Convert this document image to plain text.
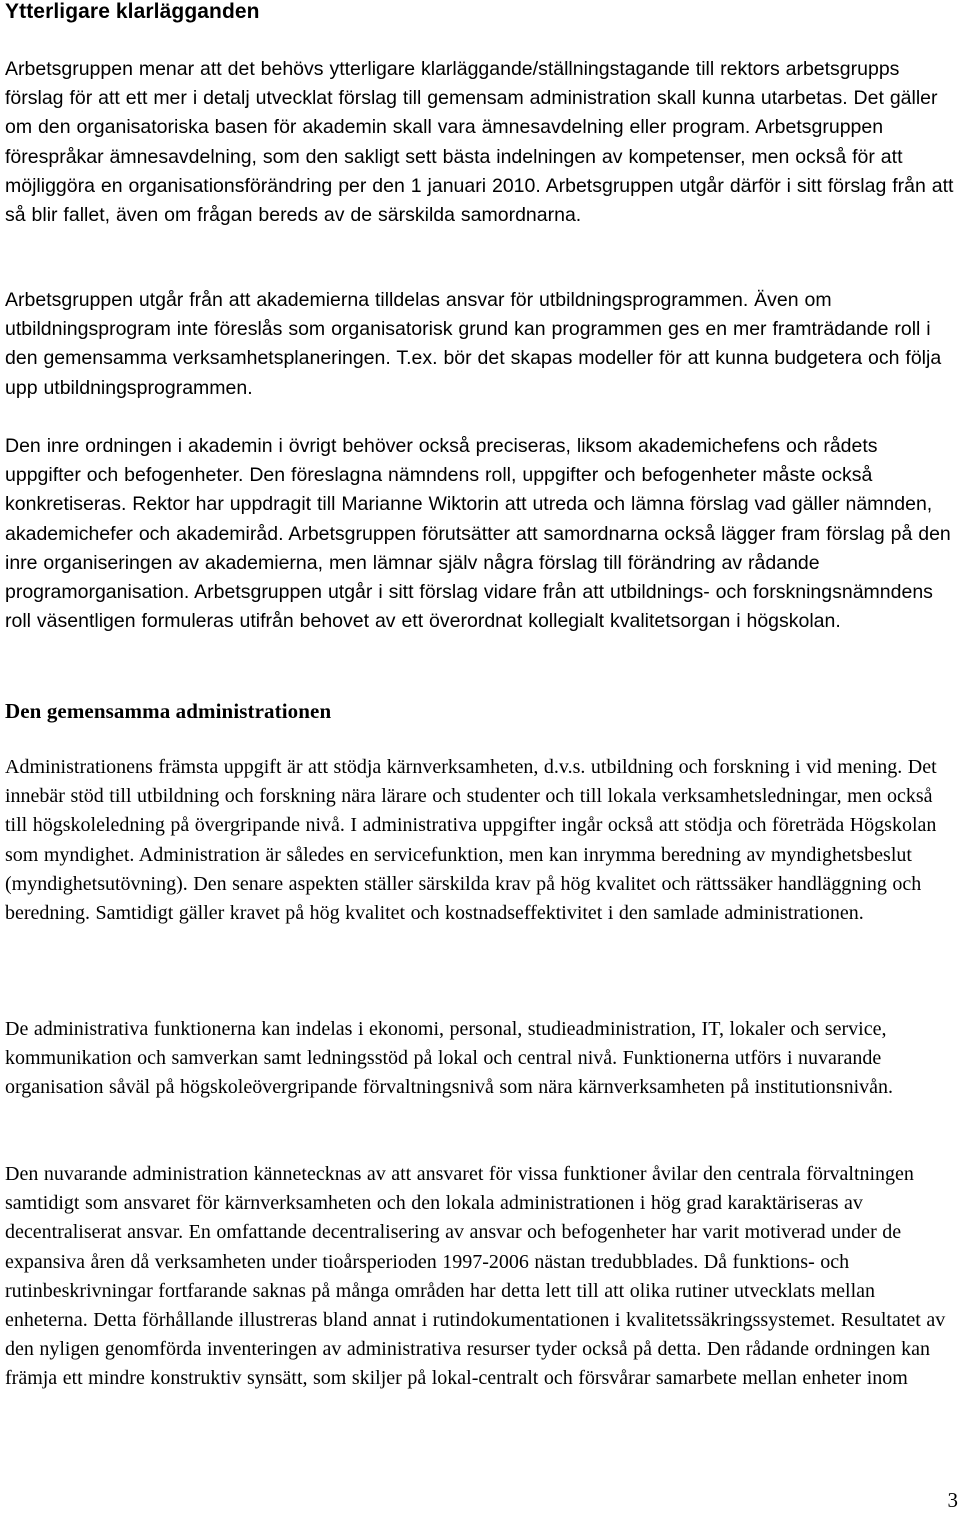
Ytterligare klarlägganden

Arbetsgruppen menar att det behövs ytterligare klarläggande/ställningstagande till rektors arbetsgrupps förslag för att ett mer i detalj utvecklat förslag till gemensam administration skall kunna utarbetas. Det gäller om den organisatoriska basen för akademin skall vara ämnesavdelning eller program. Arbetsgruppen förespråkar ämnesavdelning, som den sakligt sett bästa indelningen av kompetenser, men också för att möjliggöra en organisationsförändring per den 1 januari 2010. Arbetsgruppen utgår därför i sitt förslag från att så blir fallet, även om frågan bereds av de särskilda samordnarna.

Arbetsgruppen utgår från att akademierna tilldelas ansvar för utbildningsprogrammen. Även om utbildningsprogram inte föreslås som organisatorisk grund kan programmen ges en mer framträdande roll i den gemensamma verksamhetsplaneringen. T.ex. bör det skapas modeller för att kunna budgetera och följa upp utbildningsprogrammen.

Den inre ordningen i akademin i övrigt behöver också preciseras, liksom akademichefens och rådets uppgifter och befogenheter. Den föreslagna nämndens roll, uppgifter och befogenheter måste också konkretiseras. Rektor har uppdragit till Marianne Wiktorin att utreda och lämna förslag vad gäller nämnden, akademichefer och akademiråd. Arbetsgruppen förutsätter att samordnarna också lägger fram förslag på den inre organiseringen av akademierna, men lämnar själv några förslag till förändring av rådande programorganisation. Arbetsgruppen utgår i sitt förslag vidare från att utbildnings- och forskningsnämndens roll väsentligen formuleras utifrån behovet av ett överordnat kollegialt kvalitetsorgan i högskolan.

Den gemensamma administrationen

Administrationens främsta uppgift är att stödja kärnverksamheten, d.v.s. utbildning och forskning i vid mening. Det innebär stöd till utbildning och forskning nära lärare och studenter och till lokala verksamhetsledningar, men också till högskoleledning på övergripande nivå. I administrativa uppgifter ingår också att stödja och företräda Högskolan som myndighet. Administration är således en servicefunktion, men kan inrymma beredning av myndighetsbeslut (myndighetsutövning). Den senare aspekten ställer särskilda krav på hög kvalitet och rättssäker handläggning och beredning. Samtidigt gäller kravet på hög kvalitet och kostnadseffektivitet i den samlade administrationen.

De administrativa funktionerna kan indelas i ekonomi, personal, studieadministration, IT, lokaler och service, kommunikation och samverkan samt ledningsstöd på lokal och central nivå. Funktionerna utförs i nuvarande organisation såväl på högskoleövergripande förvaltningsnivå som nära kärnverksamheten på institutionsnivån.

Den nuvarande administration kännetecknas av att ansvaret för vissa funktioner åvilar den centrala förvaltningen samtidigt som ansvaret för kärnverksamheten och den lokala administrationen i hög grad karaktäriseras av decentraliserat ansvar. En omfattande decentralisering av ansvar och befogenheter har varit motiverad under de expansiva åren då verksamheten under tioårsperioden 1997-2006 nästan tredubblades. Då funktions- och rutinbeskrivningar fortfarande saknas på många områden har detta lett till att olika rutiner utvecklats mellan enheterna. Detta förhållande illustreras bland annat i rutindokumentationen i kvalitetssäkringssystemet. Resultatet av den nyligen genomförda inventeringen av administrativa resurser tyder också på detta. Den rådande ordningen kan främja ett mindre konstruktiv synsätt, som skiljer på lokal-centralt och försvårar samarbete mellan enheter inom

3
